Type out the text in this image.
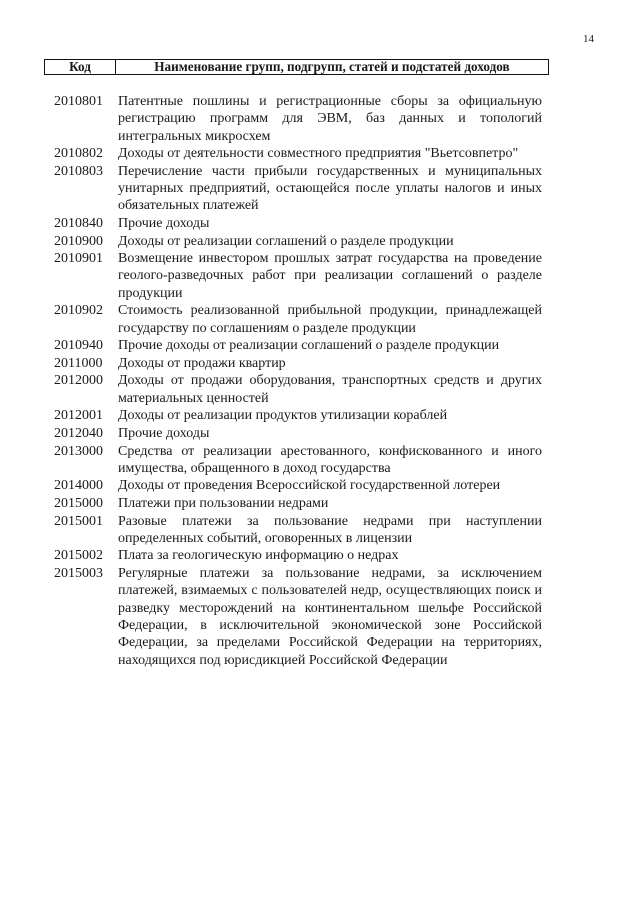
14
Код	Наименование групп, подгрупп, статей и подстатей доходов
2010801	Патентные пошлины и регистрационные сборы за официальную регистрацию программ для ЭВМ, баз данных и топологий интегральных микросхем
2010802	Доходы от деятельности совместного предприятия "Вьетсовпетро"
2010803	Перечисление части прибыли государственных и муниципальных унитарных предприятий, остающейся после уплаты налогов и иных обязательных платежей
2010840	Прочие доходы
2010900	Доходы от реализации соглашений о разделе продукции
2010901	Возмещение инвестором прошлых затрат государства на проведение геолого-разведочных работ при реализации соглашений о разделе продукции
2010902	Стоимость реализованной прибыльной продукции, принадлежащей государству по соглашениям о разделе продукции
2010940	Прочие доходы от реализации соглашений о разделе продукции
2011000	Доходы от продажи квартир
2012000	Доходы от продажи оборудования, транспортных средств и других материальных ценностей
2012001	Доходы от реализации продуктов утилизации кораблей
2012040	Прочие доходы
2013000	Средства от реализации арестованного, конфискованного и иного имущества, обращенного в доход государства
2014000	Доходы от проведения Всероссийской государственной лотереи
2015000	Платежи при пользовании недрами
2015001	Разовые платежи за пользование недрами при наступлении определенных событий, оговоренных в лицензии
2015002	Плата за геологическую информацию о недрах
2015003	Регулярные платежи за пользование недрами, за исключением платежей, взимаемых с пользователей недр, осуществляющих поиск и разведку месторождений на континентальном шельфе Российской Федерации, в исключительной экономической зоне Российской Федерации, за пределами Российской Федерации на территориях, находящихся под юрисдикцией Российской Федерации
